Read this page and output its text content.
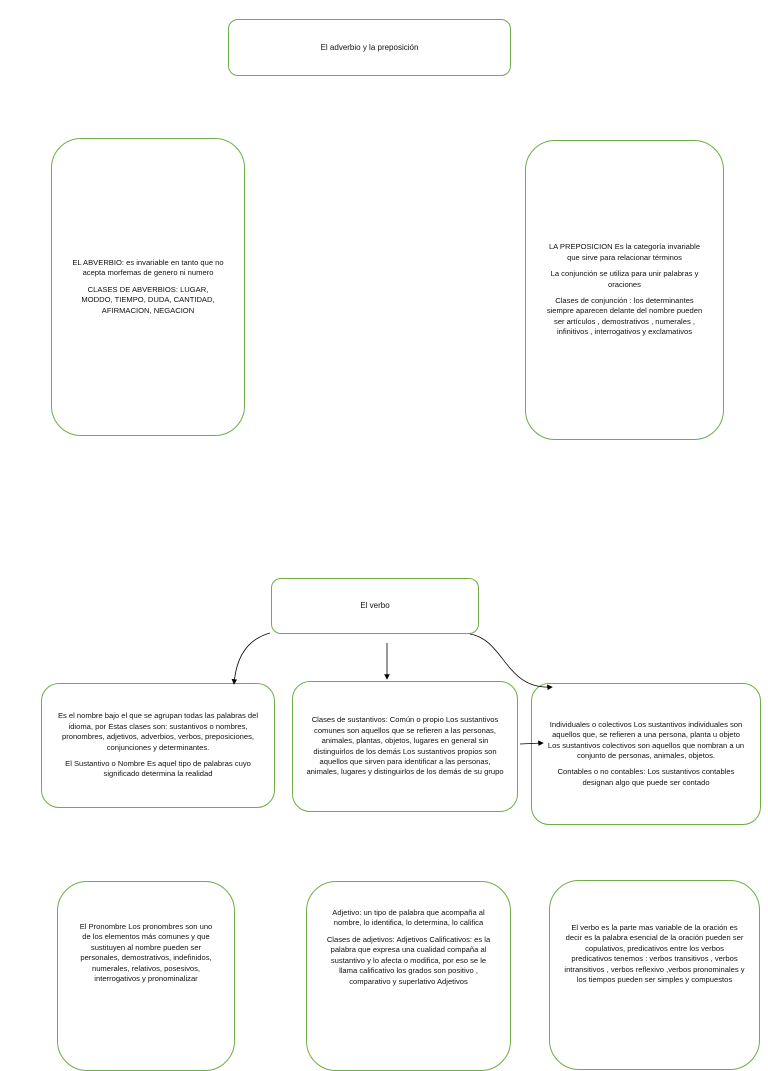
El adverbio y la preposición

EL ABVERBIO: es invariable en tanto que no acepta morfemas de genero ni numero

CLASES DE ABVERBIOS: LUGAR, MODDO, TIEMPO, DUDA, CANTIDAD, AFIRMACION, NEGACION

LA PREPOSICION Es la categoría invariable que sirve para relacionar términos

La conjunción se utiliza para unir palabras y oraciones

Clases de conjunción : los determinantes siempre aparecen delante del nombre pueden ser artículos , demostrativos , numerales , infinitivos , interrogativos y exclamativos

El verbo

Es el nombre bajo el que se agrupan todas las palabras del idioma, por Estas clases son: sustantivos o nombres, pronombres, adjetivos, adverbios, verbos, preposiciones, conjunciones y determinantes.

El Sustantivo o Nombre Es aquel tipo de palabras cuyo significado determina la realidad

Clases de sustantivos: Común o propio Los sustantivos comunes son aquellos que se refieren a las personas, animales, plantas, objetos, lugares en general sin distinguirlos de los demás Los sustantivos propios son aquellos que sirven para identificar a las personas, animales, lugares y distinguirlos de los demás de su grupo

Individuales o colectivos Los sustantivos individuales son aquellos que, se refieren a una persona, planta u objeto Los sustantivos colectivos son aquellos que nombran a un conjunto de personas, animales, objetos.

Contables o no contables: Los sustantivos contables designan algo que puede ser contado

El Pronombre Los pronombres son uno de los elementos más comunes y que sustituyen al nombre pueden ser personales, demostrativos, indefinidos, numerales, relativos, posesivos, interrogativos y pronominalizar

Adjetivo: un tipo de palabra que acompaña al nombre, lo identifica, lo determina, lo califica

Clases de adjetivos: Adjetivos Calificativos: es la palabra que expresa una cualidad compaña al sustantivo y lo afecta o modifica, por eso se le llama calificativo los grados son positivo , comparativo y superlativo Adjetivos

El verbo es la parte mas variable de la oración es decir es la palabra esencial de la oración pueden ser copulativos, predicativos entre los verbos predicativos tenemos : verbos transitivos , verbos intransitivos , verbos reflexivo ,verbos pronominales y los tiempos pueden ser simples y compuestos
